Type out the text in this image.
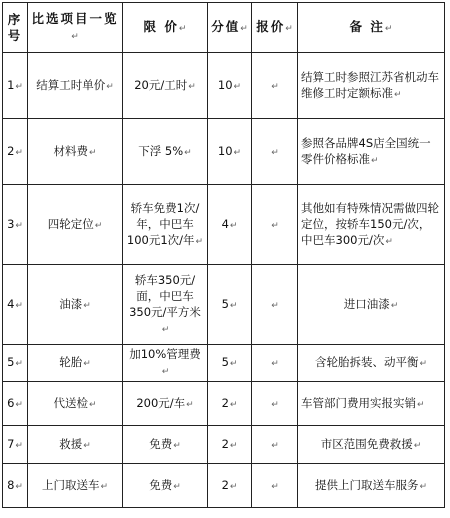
序号	比选项目一览↵	限 价↵	分值↵	报价↵	备 注↵
1↵	结算工时单价↵	20元/工时↵	10↵	↵	结算工时参照江苏省机动车维修工时定额标准↵
2↵	材料费↵	下浮 5%↵	10↵	↵	参照各品牌4S店全国统一零件价格标准↵
3↵	四轮定位↵	轿车免费1次/年，中巴车100元1次/年↵	4↵	↵	其他如有特殊情况需做四轮定位，按轿车150元/次，中巴车300元/次↵
4↵	油漆↵	轿车350元/面，中巴车350元/平方米↵	5↵	↵	进口油漆↵
5↵	轮胎↵	加10%管理费↵	5↵	↵	含轮胎拆装、动平衡↵
6↵	代送检↵	200元/车↵	2↵	↵	车管部门费用实报实销↵
7↵	救援↵	免费↵	2↵	↵	市区范围免费救援↵
8↵	上门取送车↵	免费↵	2↵	↵	提供上门取送车服务↵
